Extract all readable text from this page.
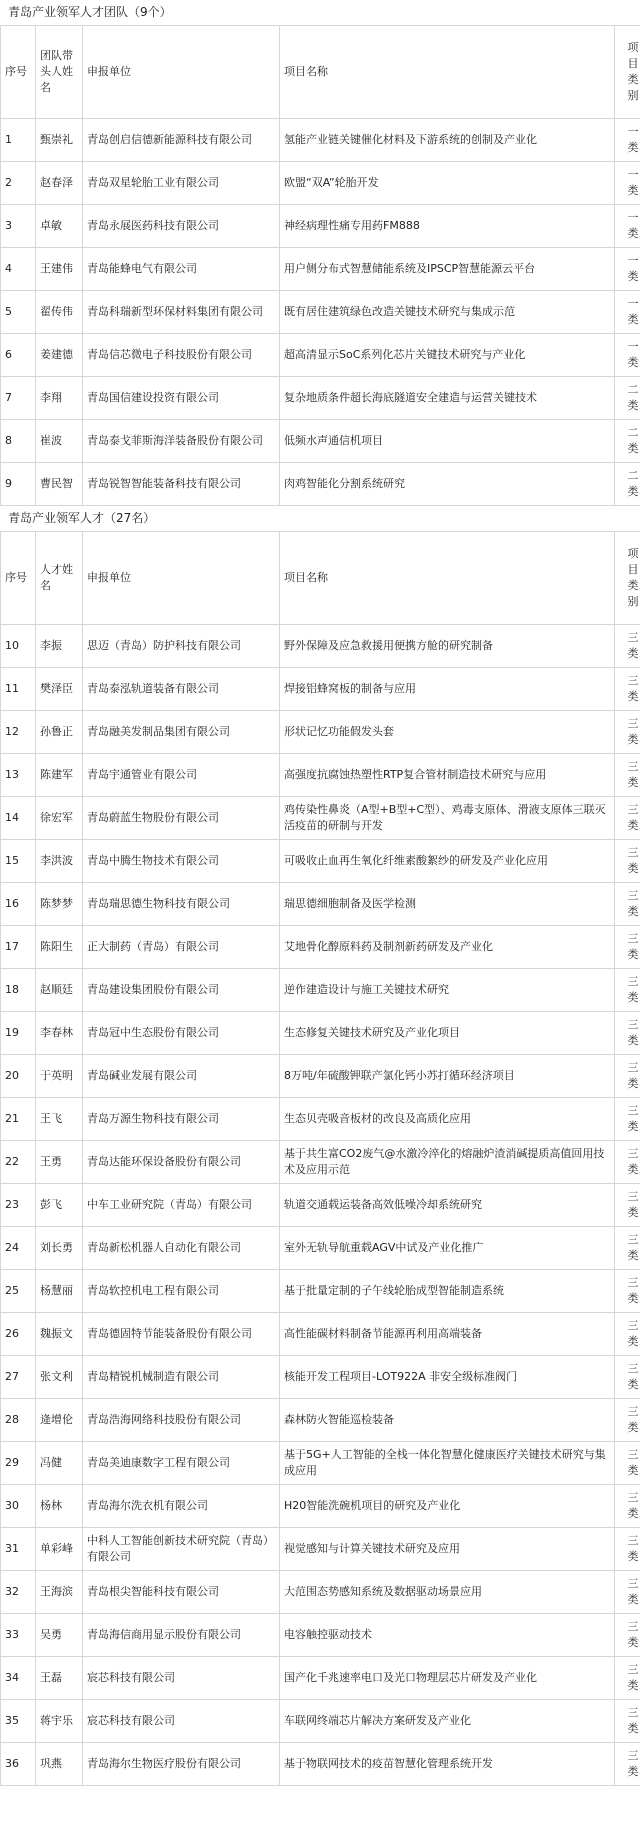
青岛产业领军人才团队（9个）
序号	团队带头人姓名	申报单位	项目名称	项目 类别
1	甄崇礼	青岛创启信德新能源科技有限公司	氢能产业链关键催化材料及下游系统的创制及产业化	一类
2	赵春泽	青岛双星轮胎工业有限公司	欧盟“双A”轮胎开发	一类
3	卓敏	青岛永展医药科技有限公司	神经病理性痛专用药FM888	一类
4	王建伟	青岛能蜂电气有限公司	用户侧分布式智慧储能系统及IPSCP智慧能源云平台	一类
5	翟传伟	青岛科瑞新型环保材料集团有限公司	既有居住建筑绿色改造关键技术研究与集成示范	一类
6	姜建德	青岛信芯微电子科技股份有限公司	超高清显示SoC系列化芯片关键技术研究与产业化	一类
7	李翔	青岛国信建设投资有限公司	复杂地质条件超长海底隧道安全建造与运营关键技术	二类
8	崔波	青岛泰戈菲斯海洋装备股份有限公司	低频水声通信机项目	二类
9	曹民智	青岛锐智智能装备科技有限公司	肉鸡智能化分割系统研究	二类
青岛产业领军人才（27名）
序号	人才姓名	申报单位	项目名称	项目 类别
10	李振	思迈（青岛）防护科技有限公司	野外保障及应急救援用便携方舱的研究制备	三类
11	樊泽臣	青岛泰泓轨道装备有限公司	焊接铝蜂窝板的制备与应用	三类
12	孙鲁正	青岛融美发制品集团有限公司	形状记忆功能假发头套	三类
13	陈建军	青岛宇通管业有限公司	高强度抗腐蚀热塑性RTP复合管材制造技术研究与应用	三类
14	徐宏军	青岛蔚蓝生物股份有限公司	鸡传染性鼻炎（A型+B型+C型）、鸡毒支原体、滑液支原体三联灭活疫苗的研制与开发	三类
15	李洪波	青岛中腾生物技术有限公司	可吸收止血再生氧化纤维素酸絮纱的研发及产业化应用	三类
16	陈梦梦	青岛瑞思德生物科技有限公司	瑞思德细胞制备及医学检测	三类
17	陈阳生	正大制药（青岛）有限公司	艾地骨化醇原料药及制剂新药研发及产业化	三类
18	赵顺廷	青岛建设集团股份有限公司	逆作建造设计与施工关键技术研究	三类
19	李春林	青岛冠中生态股份有限公司	生态修复关键技术研究及产业化项目	三类
20	于英明	青岛碱业发展有限公司	8万吨/年硫酸钾联产氯化钙小苏打循环经济项目	三类
21	王飞	青岛万源生物科技有限公司	生态贝壳吸音板材的改良及高质化应用	三类
22	王勇	青岛达能环保设备股份有限公司	基于共生富CO2废气@水激冷淬化的熔融炉渣消碱提质高值回用技术及应用示范	三类
23	彭飞	中车工业研究院（青岛）有限公司	轨道交通载运装备高效低噪冷却系统研究	三类
24	刘长勇	青岛新松机器人自动化有限公司	室外无轨导航重载AGV中试及产业化推广	三类
25	杨慧丽	青岛软控机电工程有限公司	基于批量定制的子午线轮胎成型智能制造系统	三类
26	魏振文	青岛德固特节能装备股份有限公司	高性能碳材料制备节能源再利用高端装备	三类
27	张文利	青岛精锐机械制造有限公司	核能开发工程项目-LOT922A 非安全级标准阀门	三类
28	逄增伦	青岛浩海网络科技股份有限公司	森林防火智能巡检装备	三类
29	冯健	青岛美迪康数字工程有限公司	基于5G+人工智能的全栈一体化智慧化健康医疗关键技术研究与集成应用	三类
30	杨林	青岛海尔洗衣机有限公司	H20智能洗碗机项目的研究及产业化	三类
31	单彩峰	中科人工智能创新技术研究院（青岛）有限公司	视觉感知与计算关键技术研究及应用	三类
32	王海滨	青岛根尖智能科技有限公司	大范围态势感知系统及数据驱动场景应用	三类
33	吴勇	青岛海信商用显示股份有限公司	电容触控驱动技术	三类
34	王磊	宸芯科技有限公司	国产化千兆速率电口及光口物理层芯片研发及产业化	三类
35	蒋宇乐	宸芯科技有限公司	车联网终端芯片解决方案研发及产业化	三类
36	巩燕	青岛海尔生物医疗股份有限公司	基于物联网技术的疫苗智慧化管理系统开发	三类
